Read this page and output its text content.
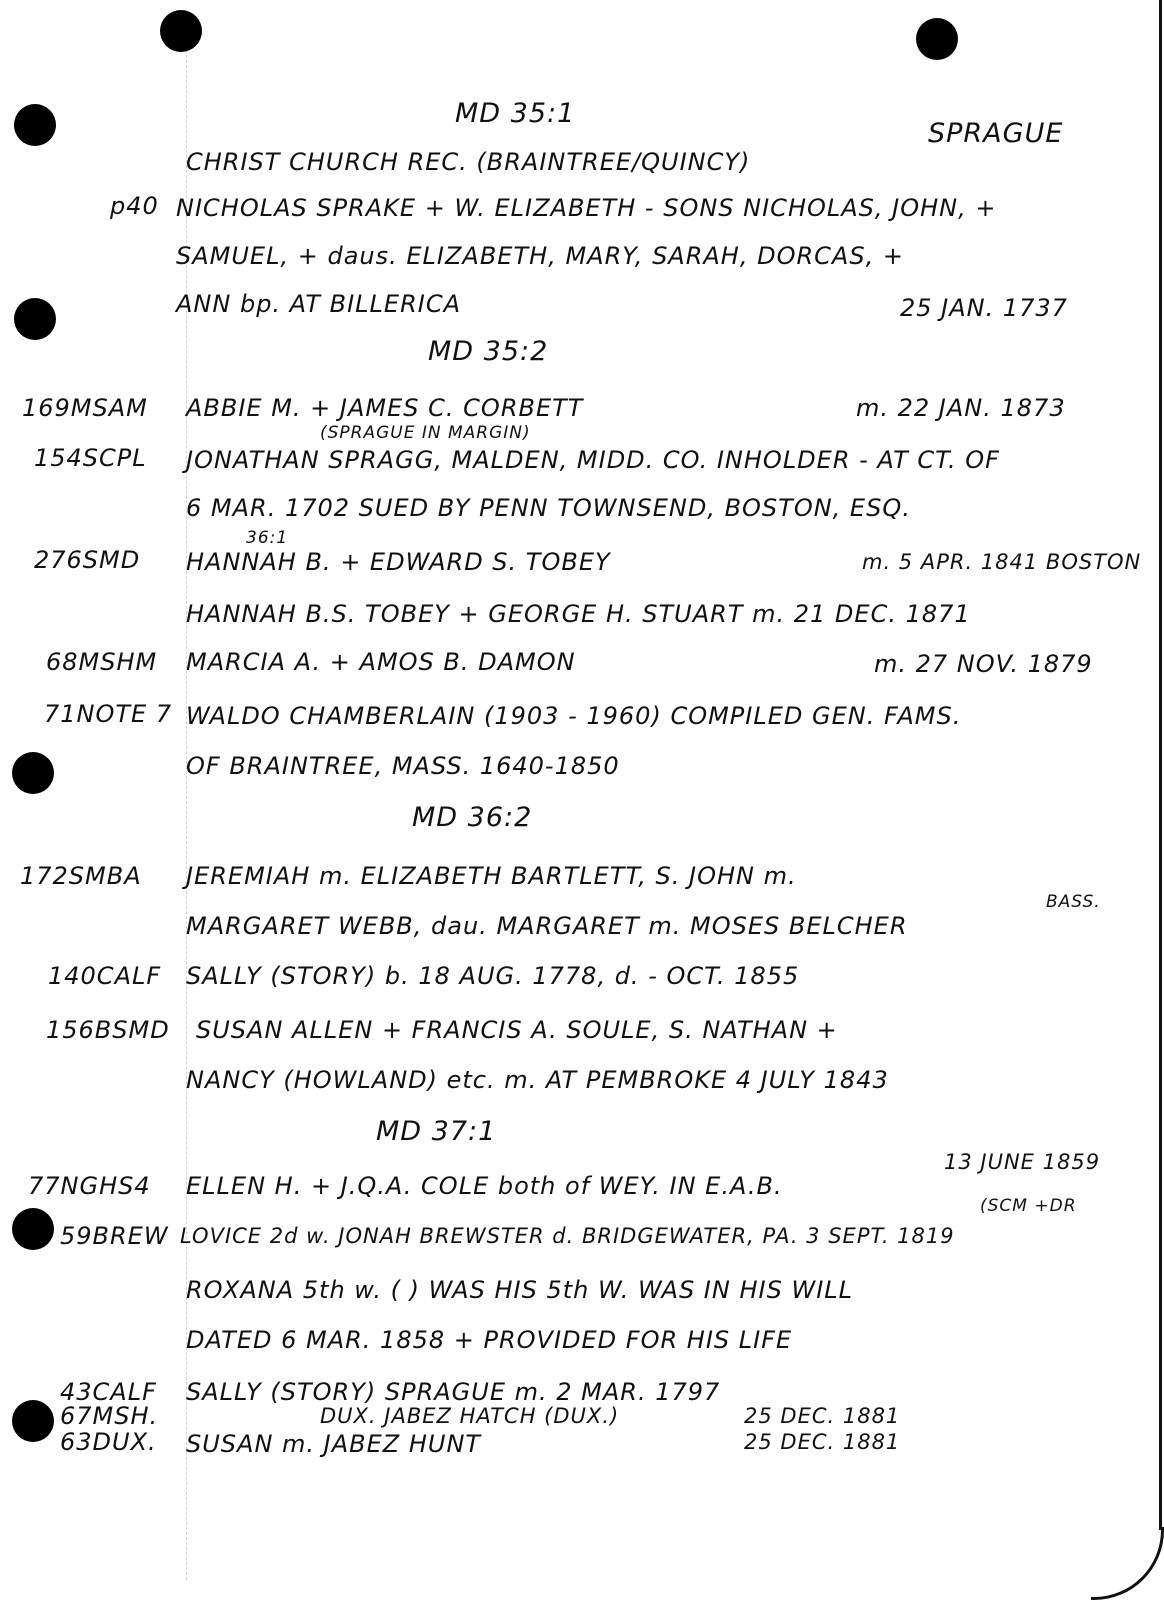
MD 35:1
SPRAGUE
CHRIST CHURCH REC. (BRAINTREE/QUINCY)
p40 NICHOLAS SPRAKE + W. ELIZABETH - SONS NICHOLAS, JOHN, +
SAMUEL, + daus. ELIZABETH, MARY, SARAH, DORCAS, +
ANN bp. AT BILLERICA	25 JAN. 1737
MD 35:2
169MSAM ABBIE M. + JAMES C. CORBETT	m. 22 JAN. 1873
(SPRAGUE IN MARGIN)
154SCPL JONATHAN SPRAGG, MALDEN, MIDD. CO. INHOLDER - AT CT. OF
6 MAR. 1702 SUED BY PENN TOWNSEND, BOSTON, ESQ.
36:1
276SMD HANNAH B. + EDWARD S. TOBEY	m. 5 APR. 1841 BOSTON
HANNAH B.S. TOBEY + GEORGE H. STUART m. 21 DEC. 1871
68MSHM MARCIA A. + AMOS B. DAMON	m. 27 NOV. 1879
71NOTE 7 WALDO CHAMBERLAIN (1903 - 1960) COMPILED GEN. FAMS.
OF BRAINTREE, MASS. 1640-1850
MD 36:2
172SMBA JEREMIAH m. ELIZABETH BARTLETT, S. JOHN m.
BASS.
MARGARET WEBB, dau. MARGARET m. MOSES BELCHER
140CALF SALLY (STORY) b. 18 AUG. 1778, d. - OCT. 1855
156BSMD SUSAN ALLEN + FRANCIS A. SOULE, S. NATHAN +
NANCY (HOWLAND) etc. m. AT PEMBROKE 4 JULY 1843
MD 37:1
13 JUNE 1859
77NGHS4 ELLEN H. + J.Q.A. COLE both of WEY. IN E.A.B.
(SCM +DR
59BREW LOVICE 2d w. JONAH BREWSTER d. BRIDGEWATER, PA. 3 SEPT. 1819
ROXANA 5th w. ( ) WAS HIS 5th W. WAS IN HIS WILL
DATED 6 MAR. 1858 + PROVIDED FOR HIS LIFE
43CALF SALLY (STORY) SPRAGUE m. 2 MAR. 1797
67MSH.	DUX. JABEZ HATCH (DUX.)	25 DEC. 1881
63DUX. SUSAN m. JABEZ HUNT	25 DEC. 1881
